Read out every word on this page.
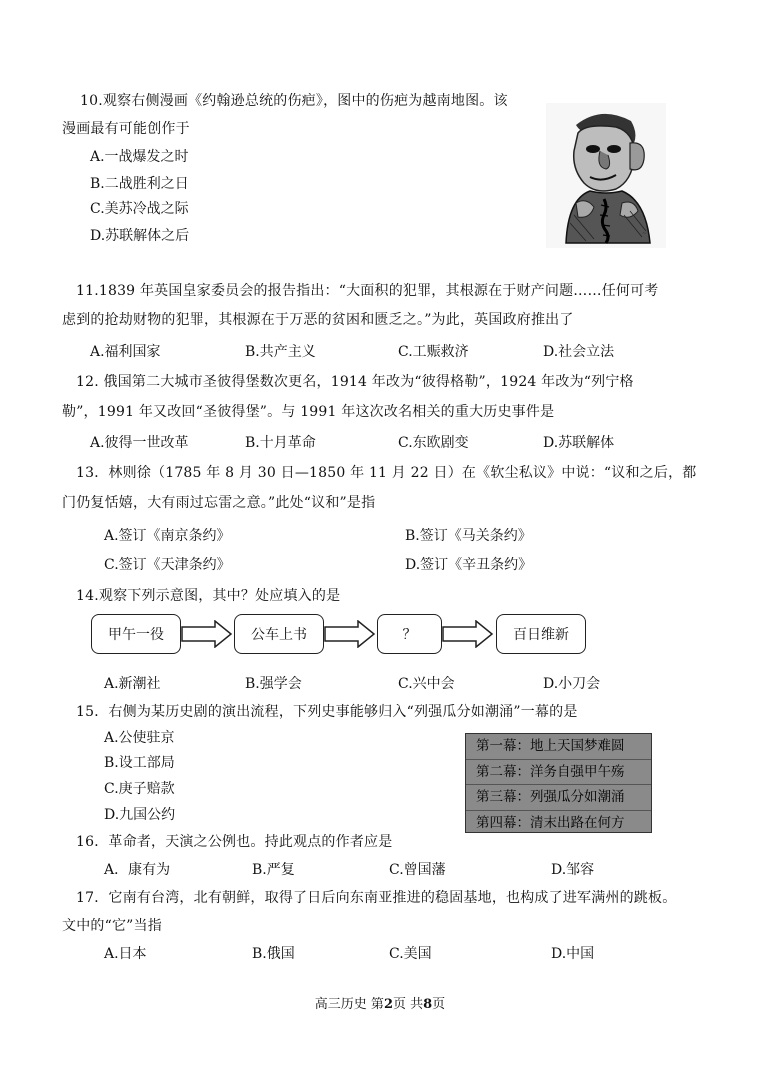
10.观察右侧漫画《约翰逊总统的伤疤》，图中的伤疤为越南地图。该
漫画最有可能创作于
A.一战爆发之时
B.二战胜利之日
C.美苏冷战之际
D.苏联解体之后	~
11.1839 年英国皇家委员会的报告指出：“大面积的犯罪，其根源在于财产问题……任何可考
虑到的抢劫财物的犯罪，其根源在于万恶的贫困和匮乏之。”为此，英国政府推出了
A.福利国家	B.共产主义	C.工赈救济	D.社会立法
12. 俄国第二大城市圣彼得堡数次更名，1914 年改为“彼得格勒”，1924 年改为“列宁格
勒”，1991 年又改回“圣彼得堡”。与 1991 年这次改名相关的重大历史事件是
A.彼得一世改革	B.十月革命	C.东欧剧变	D.苏联解体
13．林则徐（1785 年 8 月 30 日—1850 年 11 月 22 日）在《软尘私议》中说：“议和之后，都
门仍复恬嬉，大有雨过忘雷之意。”此处“议和”是指
A.签订《南京条约》	B.签订《马关条约》
C.签订《天津条约》	D.签订《辛丑条约》
14.观察下列示意图，其中？处应填入的是
甲午一役	公车上书	？	百日维新
A.新潮社	B.强学会	C.兴中会	D.小刀会
15．右侧为某历史剧的演出流程，下列史事能够归入“列强瓜分如潮涌”一幕的是
A.公使驻京
B.设工部局
C.庚子赔款
D.九国公约
第一幕：地上天国梦难圆
第二幕：洋务自强甲午殇
第三幕：列强瓜分如潮涌
第四幕：清末出路在何方
16．革命者，天演之公例也。持此观点的作者应是
A．康有为	B.严复	C.曾国藩	D.邹容
17．它南有台湾，北有朝鲜，取得了日后向东南亚推进的稳固基地，也构成了进军满州的跳板。
文中的“它”当指
A.日本	B.俄国	C.美国	D.中国
高三历史 第2页 共8页
